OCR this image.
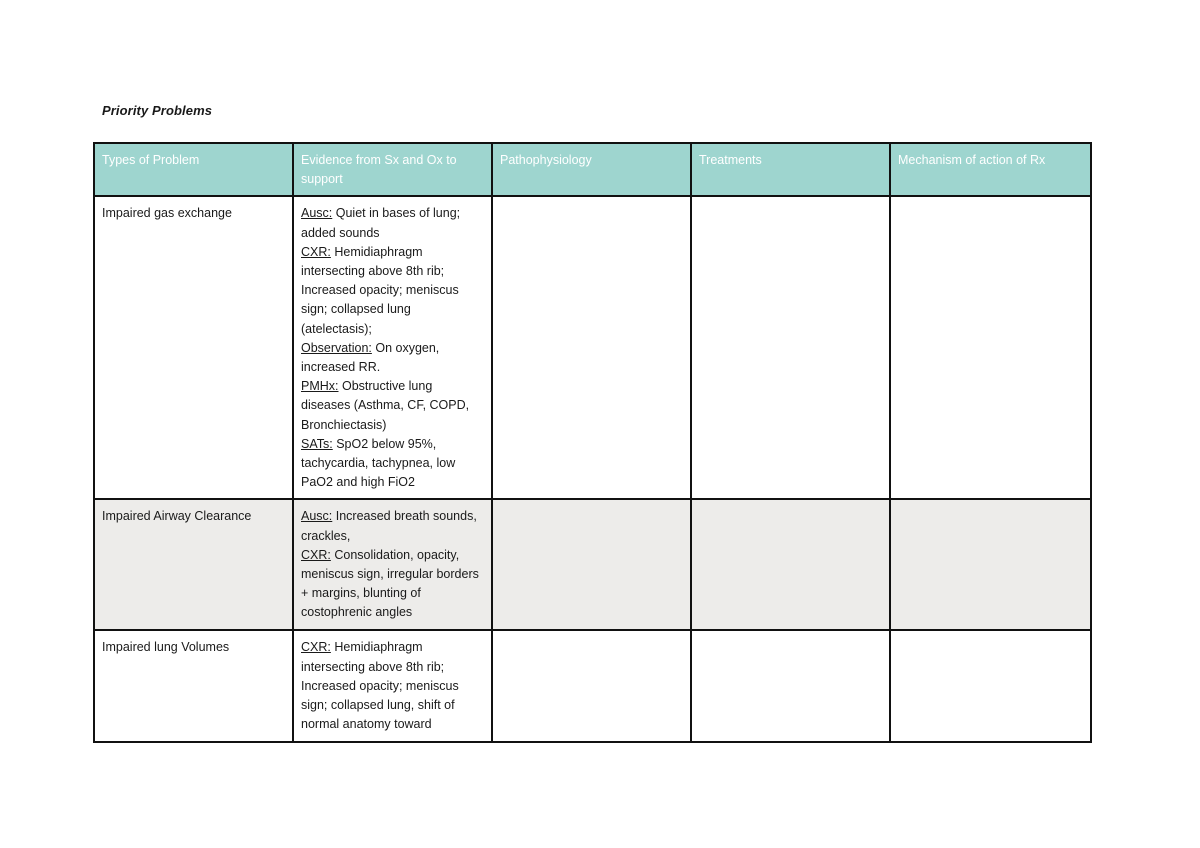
Priority Problems
Types of Problem	Evidence from Sx and Ox to support	Pathophysiology	Treatments	Mechanism of action of Rx
Impaired gas exchange	Ausc: Quiet in bases of lung; added sounds
CXR: Hemidiaphragm intersecting above 8th rib; Increased opacity; meniscus sign; collapsed lung (atelectasis);
Observation: On oxygen, increased RR.
PMHx: Obstructive lung diseases (Asthma, CF, COPD, Bronchiectasis)
SATs: SpO2 below 95%, tachycardia, tachypnea, low PaO2 and high FiO2			

Impaired Airway Clearance	Ausc: Increased breath sounds, crackles,
CXR: Consolidation, opacity, meniscus sign, irregular borders + margins, blunting of costophrenic angles			

Impaired lung Volumes	CXR: Hemidiaphragm intersecting above 8th rib; Increased opacity; meniscus sign; collapsed lung, shift of normal anatomy toward			
